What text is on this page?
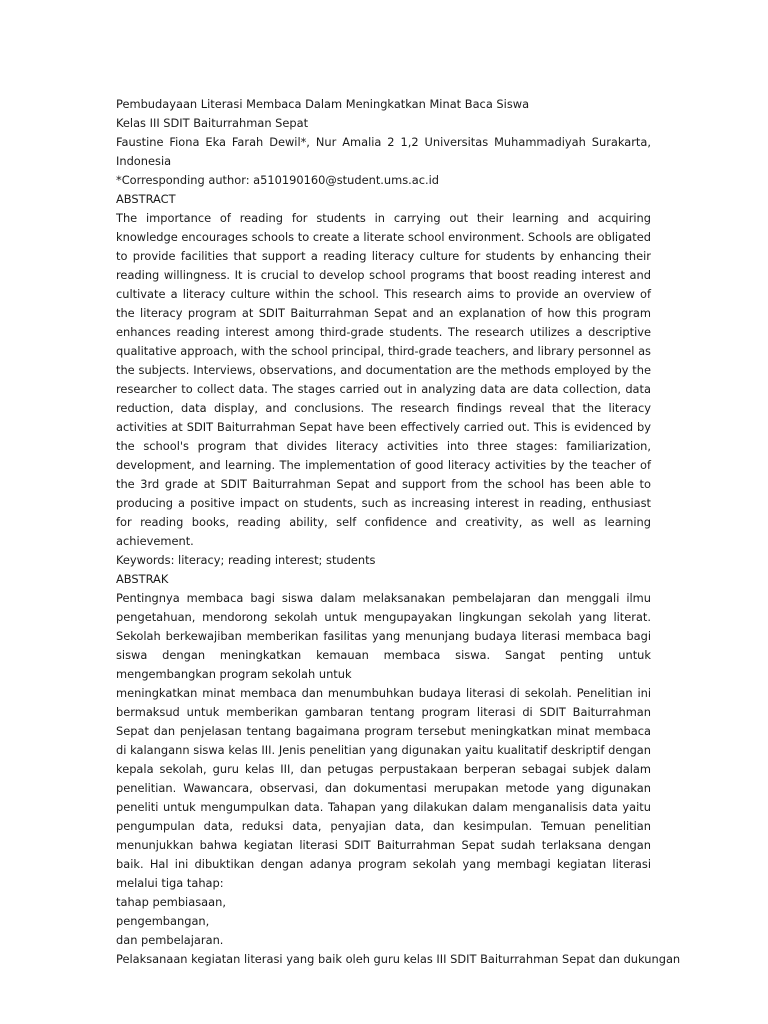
Pembudayaan Literasi Membaca Dalam Meningkatkan Minat Baca Siswa
Kelas III SDIT Baiturrahman Sepat

Faustine Fiona Eka Farah Dewil*, Nur Amalia 2 1,2 Universitas Muhammadiyah Surakarta, Indonesia

*Corresponding author: a510190160@student.ums.ac.id
ABSTRACT

The importance of reading for students in carrying out their learning and acquiring knowledge encourages schools to create a literate school environment. Schools are obligated to provide facilities that support a reading literacy culture for students by enhancing their reading willingness. It is crucial to develop school programs that boost reading interest and cultivate a literacy culture within the school. This research aims to provide an overview of the literacy program at SDIT Baiturrahman Sepat and an explanation of how this program enhances reading interest among third-grade students. The research utilizes a descriptive qualitative approach, with the school principal, third-grade teachers, and library personnel as the subjects. Interviews, observations, and documentation are the methods employed by the researcher to collect data. The stages carried out in analyzing data are data collection, data reduction, data display, and conclusions. The research findings reveal that the literacy activities at SDIT Baiturrahman Sepat have been effectively carried out. This is evidenced by the school's program that divides literacy activities into three stages: familiarization, development, and learning. The implementation of good literacy activities by the teacher of the 3rd grade at SDIT Baiturrahman Sepat and support from the school has been able to producing a positive impact on students, such as increasing interest in reading, enthusiast for reading books, reading ability, self confidence and creativity, as well as learning achievement.

Keywords: literacy; reading interest; students
ABSTRAK

Pentingnya membaca bagi siswa dalam melaksanakan pembelajaran dan menggali ilmu pengetahuan, mendorong sekolah untuk mengupayakan lingkungan sekolah yang literat. Sekolah berkewajiban memberikan fasilitas yang menunjang budaya literasi membaca bagi siswa dengan meningkatkan kemauan membaca siswa. Sangat penting untuk mengembangkan program sekolah untuk

meningkatkan minat membaca dan menumbuhkan budaya literasi di sekolah. Penelitian ini bermaksud untuk memberikan gambaran tentang program literasi di SDIT Baiturrahman Sepat dan penjelasan tentang bagaimana program tersebut meningkatkan minat membaca di kalangann siswa kelas III. Jenis penelitian yang digunakan yaitu kualitatif deskriptif dengan kepala sekolah, guru kelas III, dan petugas perpustakaan berperan sebagai subjek dalam penelitian. Wawancara, observasi, dan dokumentasi merupakan metode yang digunakan peneliti untuk mengumpulkan data. Tahapan yang dilakukan dalam menganalisis data yaitu pengumpulan data, reduksi data, penyajian data, dan kesimpulan. Temuan penelitian menunjukkan bahwa kegiatan literasi SDIT Baiturrahman Sepat sudah terlaksana dengan baik. Hal ini dibuktikan dengan adanya program sekolah yang membagi kegiatan literasi melalui tiga tahap:

tahap pembiasaan,
pengembangan,
dan pembelajaran.
Pelaksanaan kegiatan literasi yang baik oleh guru kelas III SDIT Baiturrahman Sepat dan dukungan
